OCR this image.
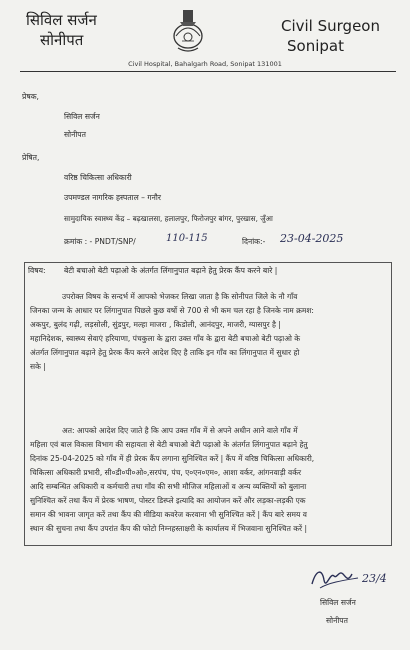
सिविल सर्जन
सोनीपत
Civil Surgeon
Sonipat
Civil Hospital, Bahalgarh Road, Sonipat 131001
प्रेषक,
सिविल सर्जन
सोनीपत
प्रेषित,
वरिष्ठ चिकित्सा अधिकारी
उपमण्डल नागरिक हस्पताल – गनौर
सामुदायिक स्वास्थ्य केंद्र – बढ़खालसा, हलालपुर, फिरोजपुर बांगर, पुरखास, जुँआ
क्रमांक : - PNDT/SNP/	110-115	दिनांक:- 23-04-2025
विषय: बेटी बचाओ बेटी पढ़ाओ के अंतर्गत लिंगानुपात बढ़ाने हेतु प्रेरक कैंप करने बारे |
उपरोक्त विषय के सन्दर्भ में आपको भेजकर लिखा जाता है कि सोनीपत जिले के नौ गाँव
जिनका जन्म के आधार पर लिंगानुपात पिछले कुछ वर्षो से 700 से भी कम चल रहा है जिनके नाम क्रमश:
अकपुर, बुलंद गढ़ी, लड़सोली, सुंडपुर, मल्हा माजरा , किडोली, आनंदपुर, माजरी, ग्यासपुर है |
महानिदेशक, स्वास्थ्य सेवाएं हरियाणा, पंचकुला के द्वारा उक्त गाँव के द्वारा बेटी बचाओ बेटी पढ़ाओ के
अंतर्गत लिंगानुपात बढ़ाने हेतु प्रेरक कैंप करने आदेश दिए है ताकि इन गाँव का लिंगानुपात में सुधार हो
सके |
अत: आपको आदेश दिए जाते है कि आप उक्त गाँव में से अपने अधीन आने वाले गाँव में
महिला एवं बाल विकास विभाग की सहायता से बेटी बचाओ बेटी पढ़ाओ के अंतर्गत लिंगानुपात बढ़ाने हेतु
दिनांक 25-04-2025 को गाँव में ही प्रेरक कैंप लगाना सुनिश्चित करें | कैंप में वरिष्ठ चिकित्सा अधिकारी,
चिकित्सा अधिकारी प्रभारी, सी०डी०पी०ओ०,सरपंच, पंच, ए०एन०एम०, आशा वर्कर, आंगनवाड़ी वर्कर
आदि सम्बन्धित अधिकारी व कर्मचारी तथा गाँव की सभी मौजिज महिलाओं व अन्य व्यक्तियों को बुलाना
सुनिश्चित करें तथा कैंप में प्रेरक भाषण, पोस्टर डिस्प्ले इत्यादि का आयोजन करें और लड़का-लड़की एक
समान की भावना जागृत करें तथा कैंप की मीडिया कवरेज करवाना भी सुनिश्चित करें | कैंप बारे समय व
स्थान की सुचना तथा कैंप उपरांत कैंप की फोटो निम्नहस्ताक्षरी के कार्यालय में भिजवाना सुनिश्चित करें |
23/4
सिविल सर्जन
सोनीपत
